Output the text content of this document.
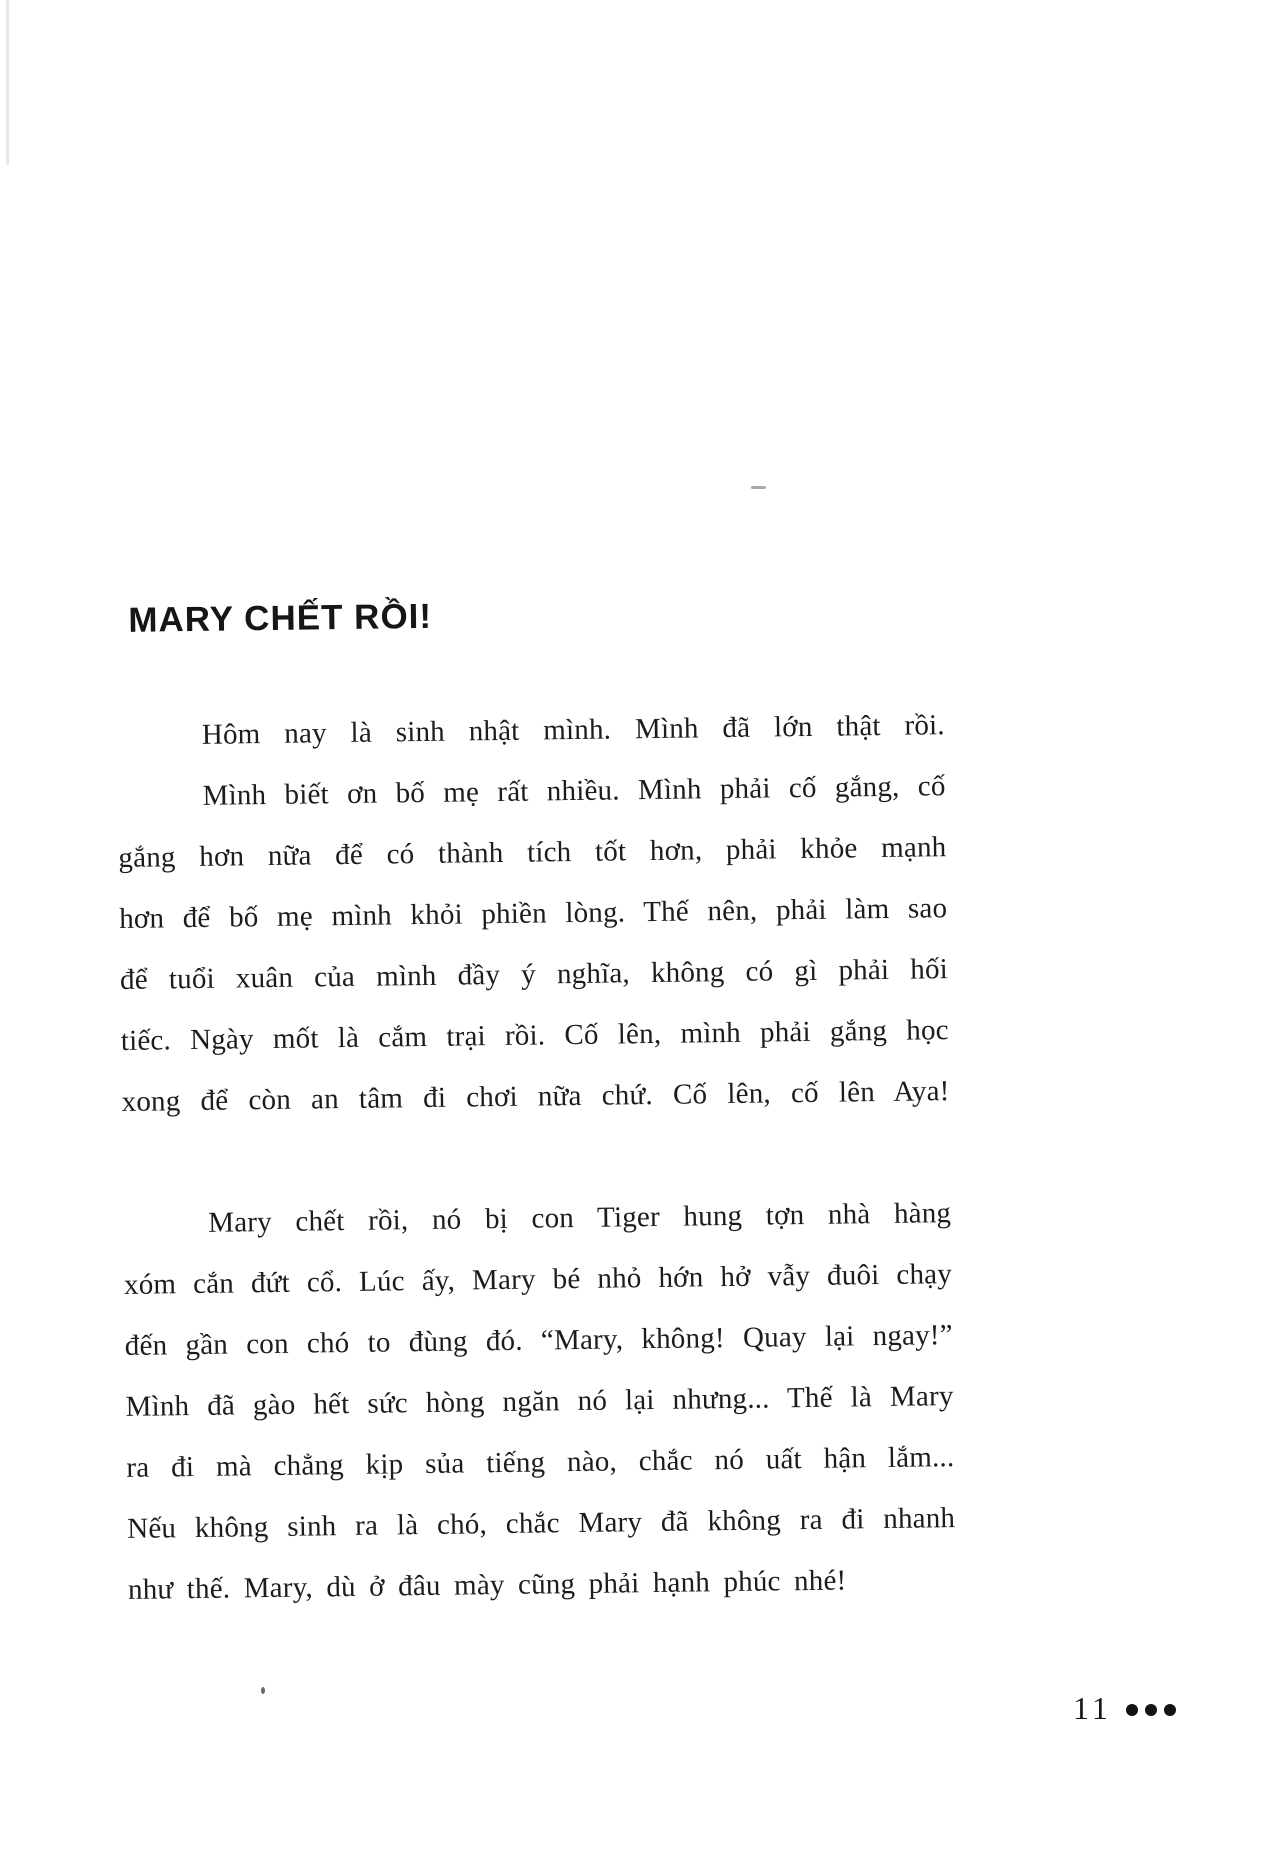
MARY CHẾT RỒI!
Hôm nay là sinh nhật mình. Mình đã lớn thật rồi.
Mình biết ơn bố mẹ rất nhiều. Mình phải cố gắng, cố
gắng hơn nữa để có thành tích tốt hơn, phải khỏe mạnh
hơn để bố mẹ mình khỏi phiền lòng. Thế nên, phải làm sao
để tuổi xuân của mình đầy ý nghĩa, không có gì phải hối
tiếc. Ngày mốt là cắm trại rồi. Cố lên, mình phải gắng học
xong để còn an tâm đi chơi nữa chứ. Cố lên, cố lên Aya!
Mary chết rồi, nó bị con Tiger hung tợn nhà hàng
xóm cắn đứt cổ. Lúc ấy, Mary bé nhỏ hớn hở vẫy đuôi chạy
đến gần con chó to đùng đó. “Mary, không! Quay lại ngay!”
Mình đã gào hết sức hòng ngăn nó lại nhưng... Thế là Mary
ra đi mà chẳng kịp sủa tiếng nào, chắc nó uất hận lắm...
Nếu không sinh ra là chó, chắc Mary đã không ra đi nhanh
như thế. Mary, dù ở đâu mày cũng phải hạnh phúc nhé!
11
